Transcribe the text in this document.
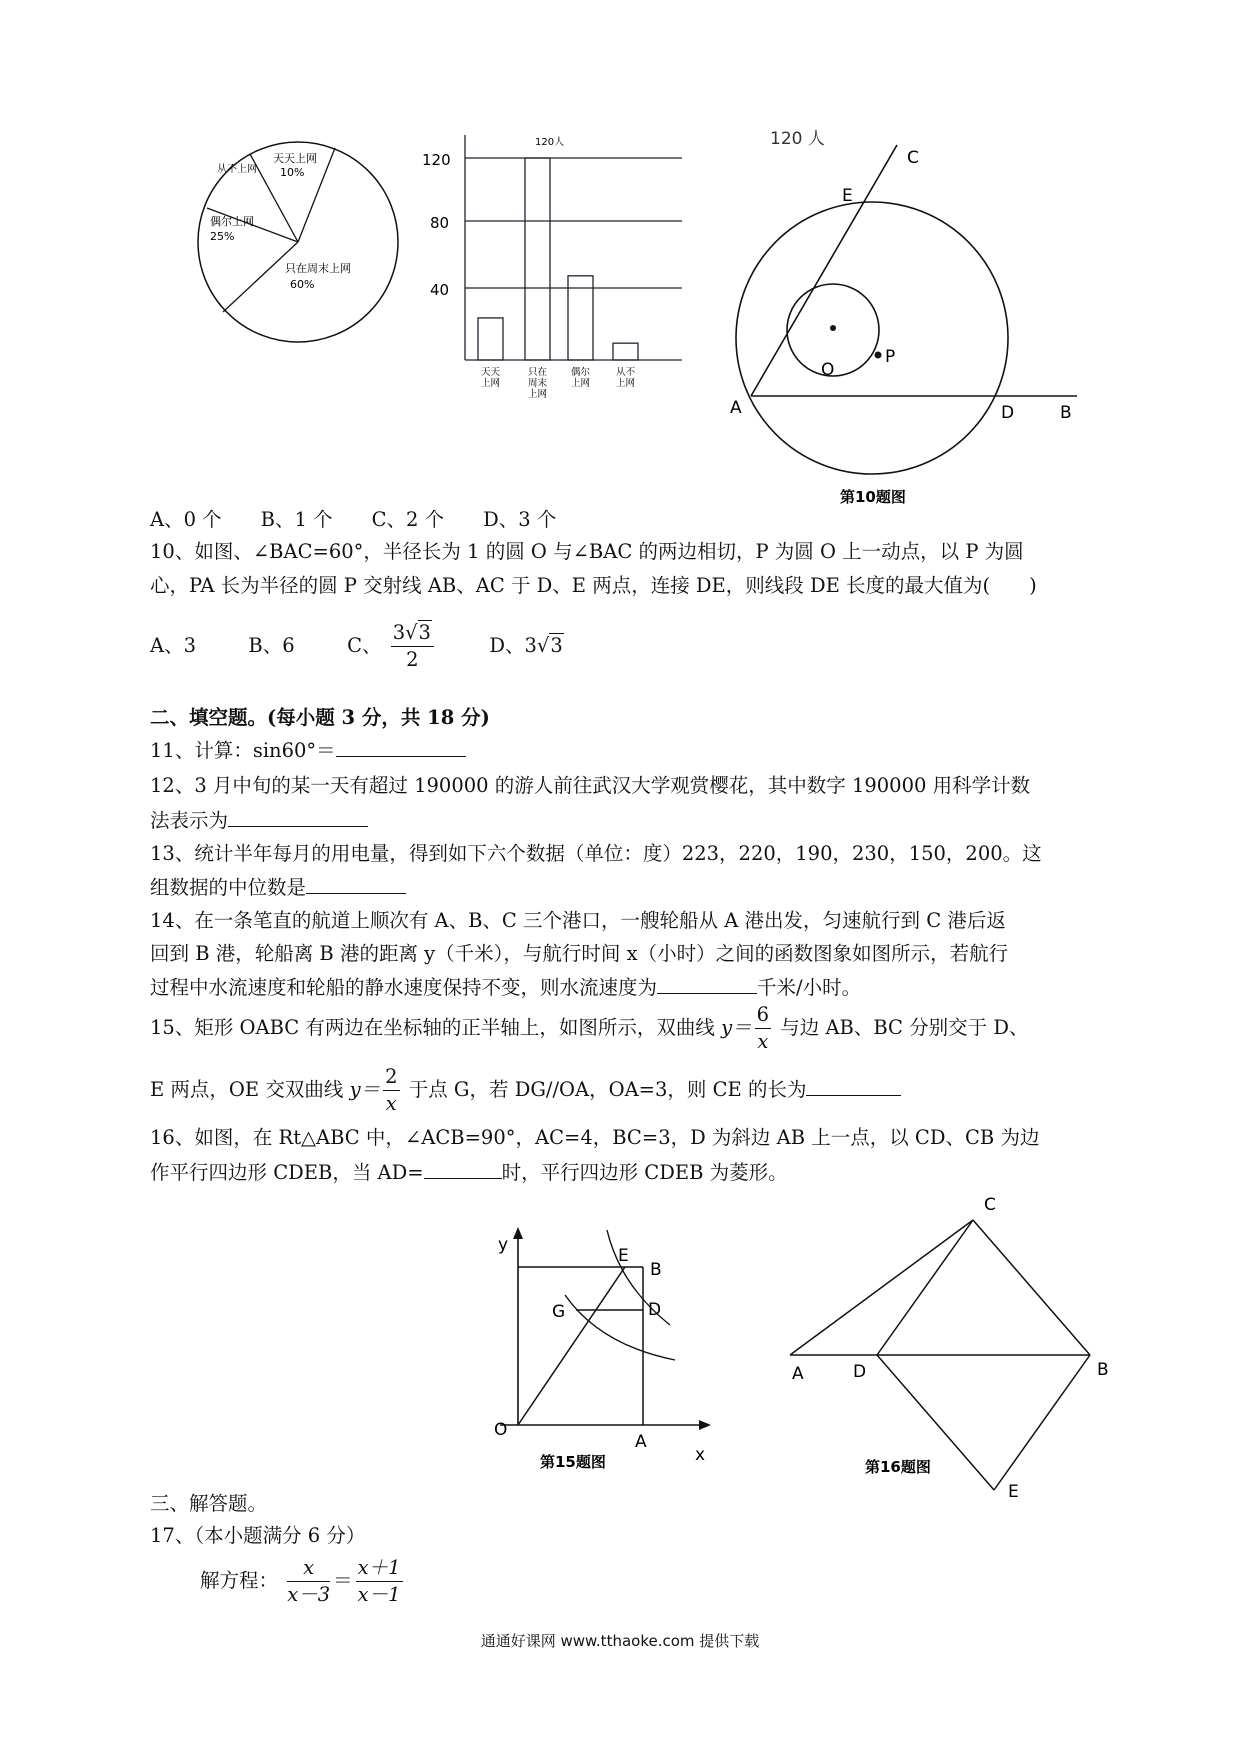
天天上网
10%
从不上网
偶尔上网
25%
只在周末上网
60%
120
80
40
120人
天天上网
只在周末上网
偶尔上网
从不上网
120 人
C
E
O
P
A	D	B
第10题图
A、0 个　　B、1 个　　C、2 个　　D、3 个
10、如图、∠BAC=60°，半径长为 1 的圆 O 与∠BAC 的两边相切，P 为圆 O 上一动点，以 P 为圆
心，PA 长为半径的圆 P 交射线 AB、AC 于 D、E 两点，连接 DE，则线段 DE 长度的最大值为(　　)
A、3	B、6	C、 $\frac{3√3}{2}$	D、3√3
二、填空题。(每小题 3 分，共 18 分)
11、计算：sin60°＝
12、3 月中旬的某一天有超过 190000 的游人前往武汉大学观赏樱花，其中数字 190000 用科学计数
法表示为
13、统计半年每月的用电量，得到如下六个数据（单位：度）223，220，190，230，150，200。这
组数据的中位数是
14、在一条笔直的航道上顺次有 A、B、C 三个港口，一艘轮船从 A 港出发，匀速航行到 C 港后返
回到 B 港，轮船离 B 港的距离 y（千米），与航行时间 x（小时）之间的函数图象如图所示，若航行
过程中水流速度和轮船的静水速度保持不变，则水流速度为	千米/小时。
15、矩形 OABC 有两边在坐标轴的正半轴上，如图所示，双曲线 $y= \frac{6}{x}$ 与边 AB、BC 分别交于 D、
E 两点，OE 交双曲线 $y= \frac{2}{x}$ 于点 G，若 DG//OA，OA=3，则 CE 的长为
16、如图，在 Rt△ABC 中，∠ACB=90°，AC=4，BC=3，D 为斜边 AB 上一点，以 CD、CB 为边
作平行四边形 CDEB，当 AD=	时，平行四边形 CDEB 为菱形。
y
E
B
G	D
O
A
x
第15题图
C
A	D	B
E
第16题图
三、解答题。
17、（本小题满分 6 分）
解方程： $\frac{x}{x-3} = \frac{x+1}{x-1}$
通通好课网 www.tthaoke.com 提供下载
